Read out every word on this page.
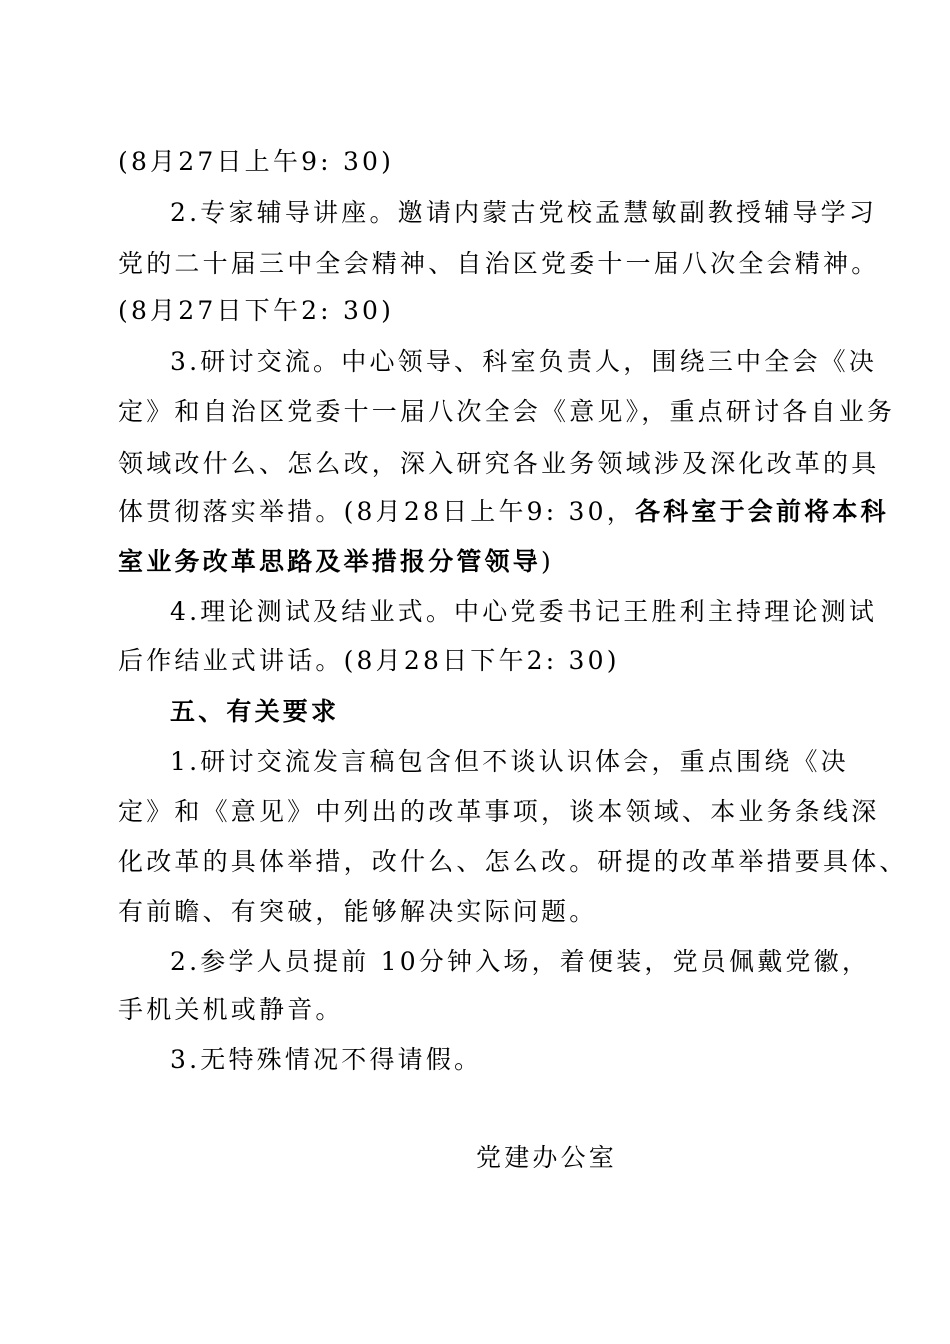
(8月27日上午9: 30)
2.专家辅导讲座。邀请内蒙古党校孟慧敏副教授辅导学习
党的二十届三中全会精神、自治区党委十一届八次全会精神。
(8月27日下午2: 30)
3.研讨交流。中心领导、科室负责人，围绕三中全会《决
定》和自治区党委十一届八次全会《意见》，重点研讨各自业务
领域改什么、怎么改，深入研究各业务领域涉及深化改革的具
体贯彻落实举措。(8月28日上午9: 30，各科室于会前将本科
室业务改革思路及举措报分管领导)
4.理论测试及结业式。中心党委书记王胜利主持理论测试
后作结业式讲话。(8月28日下午2: 30)
五、有关要求
1.研讨交流发言稿包含但不谈认识体会，重点围绕《决
定》和《意见》中列出的改革事项，谈本领域、本业务条线深
化改革的具体举措，改什么、怎么改。研提的改革举措要具体、
有前瞻、有突破，能够解决实际问题。
2.参学人员提前 10分钟入场，着便装，党员佩戴党徽，
手机关机或静音。
3.无特殊情况不得请假。
党建办公室
